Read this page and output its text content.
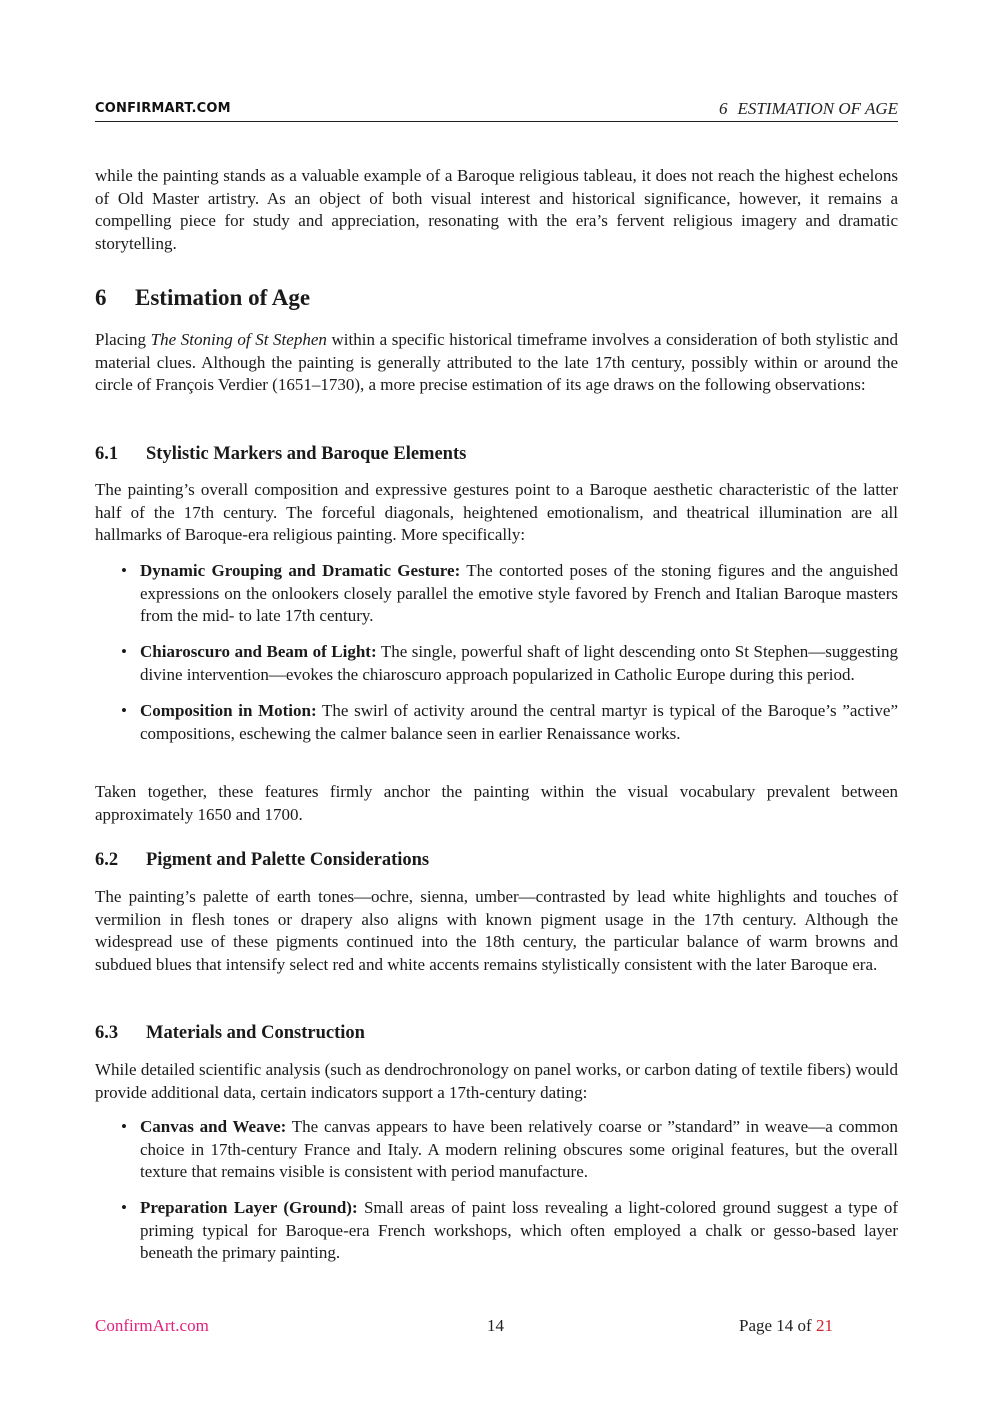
CONFIRMART.COM	6 ESTIMATION OF AGE

while the painting stands as a valuable example of a Baroque religious tableau, it does not reach the highest echelons of Old Master artistry. As an object of both visual interest and historical significance, however, it remains a compelling piece for study and appreciation, resonating with the era’s fervent religious imagery and dramatic storytelling.

6 Estimation of Age

Placing The Stoning of St Stephen within a specific historical timeframe involves a consideration of both stylistic and material clues. Although the painting is generally attributed to the late 17th century, possibly within or around the circle of François Verdier (1651–1730), a more precise estimation of its age draws on the following observations:

6.1 Stylistic Markers and Baroque Elements

The painting’s overall composition and expressive gestures point to a Baroque aesthetic characteristic of the latter half of the 17th century. The forceful diagonals, heightened emotionalism, and theatrical illumination are all hallmarks of Baroque-era religious painting. More specifically:

• Dynamic Grouping and Dramatic Gesture: The contorted poses of the stoning figures and the anguished expressions on the onlookers closely parallel the emotive style favored by French and Italian Baroque masters from the mid- to late 17th century.
• Chiaroscuro and Beam of Light: The single, powerful shaft of light descending onto St Stephen—suggesting divine intervention—evokes the chiaroscuro approach popularized in Catholic Europe during this period.
• Composition in Motion: The swirl of activity around the central martyr is typical of the Baroque’s ”active” compositions, eschewing the calmer balance seen in earlier Renaissance works.

Taken together, these features firmly anchor the painting within the visual vocabulary prevalent between approximately 1650 and 1700.

6.2 Pigment and Palette Considerations

The painting’s palette of earth tones—ochre, sienna, umber—contrasted by lead white highlights and touches of vermilion in flesh tones or drapery also aligns with known pigment usage in the 17th century. Although the widespread use of these pigments continued into the 18th century, the particular balance of warm browns and subdued blues that intensify select red and white accents remains stylistically consistent with the later Baroque era.

6.3 Materials and Construction

While detailed scientific analysis (such as dendrochronology on panel works, or carbon dating of textile fibers) would provide additional data, certain indicators support a 17th-century dating:

• Canvas and Weave: The canvas appears to have been relatively coarse or ”standard” in weave—a common choice in 17th-century France and Italy. A modern relining obscures some original features, but the overall texture that remains visible is consistent with period manufacture.
• Preparation Layer (Ground): Small areas of paint loss revealing a light-colored ground suggest a type of priming typical for Baroque-era French workshops, which often employed a chalk or gesso-based layer beneath the primary painting.
ConfirmArt.com	14	Page 14 of 21
